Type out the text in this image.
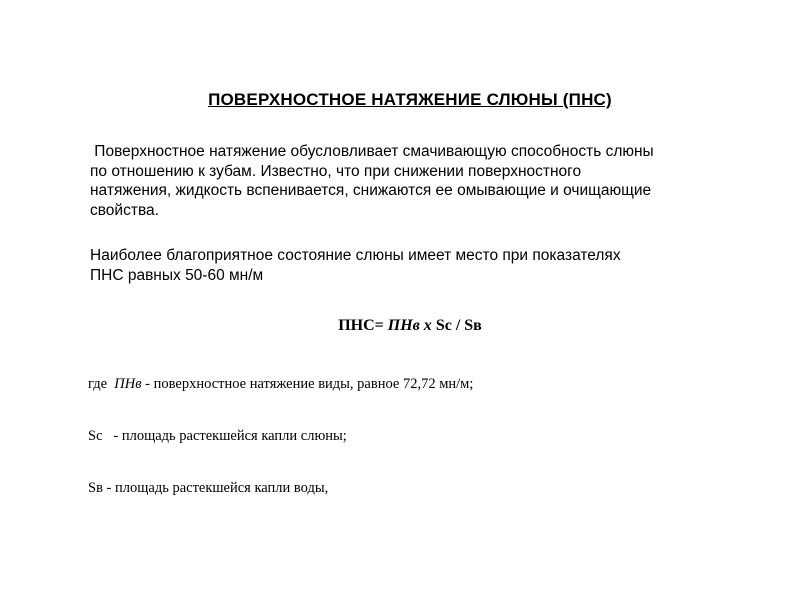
ПОВЕРХНОСТНОЕ НАТЯЖЕНИЕ СЛЮНЫ (ПНС)
Поверхностное натяжение обусловливает смачивающую способность слюны
по отношению к зубам. Известно, что при снижении поверхностного
натяжения, жидкость вспенивается, снижаются ее омывающие и очищающие
свойства.
Наиболее благоприятное состояние слюны имеет место при показателях
ПНС равных 50-60 мн/м
ПНС= ПНв х Sc / Sв
где  ПНв - поверхностное натяжение виды, равное 72,72 мн/м;
Sc   - площадь растекшейся капли слюны;
Sв - площадь растекшейся капли воды,
